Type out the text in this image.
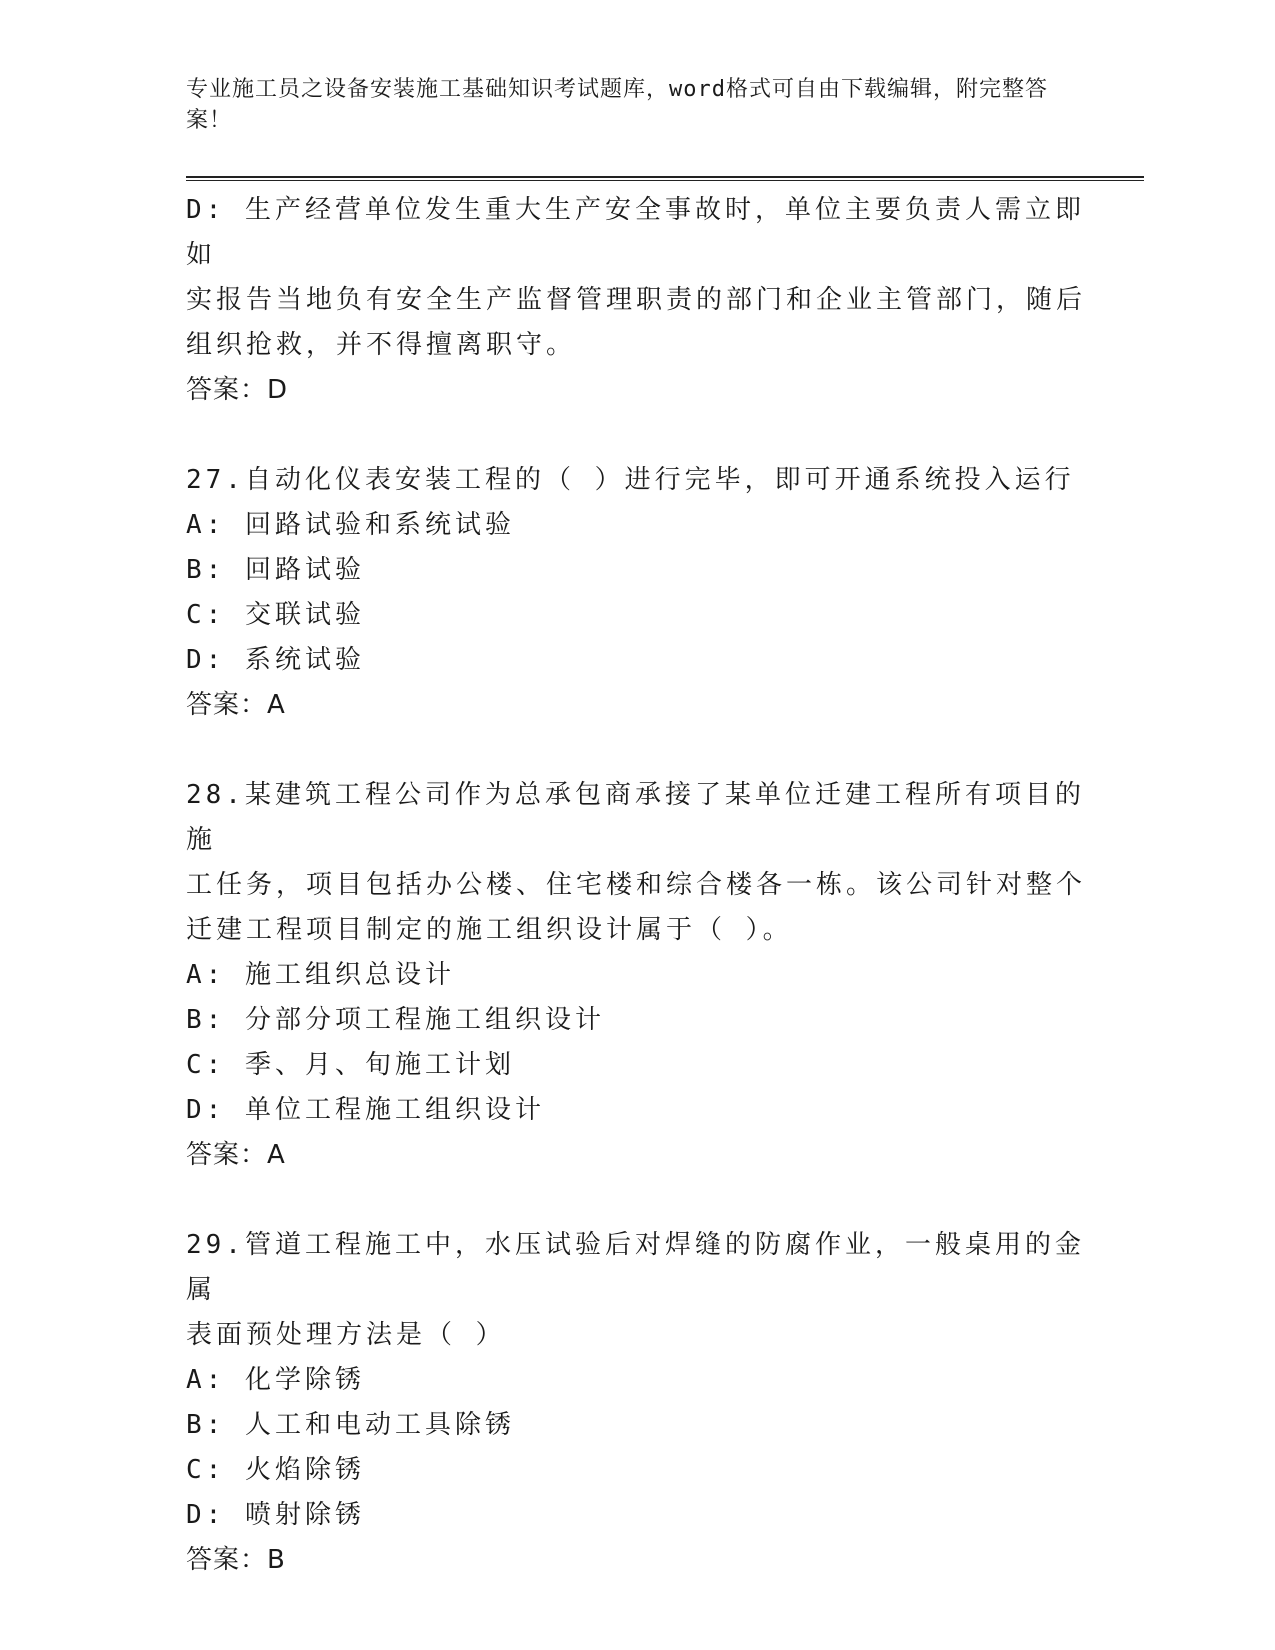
专业施工员之设备安装施工基础知识考试题库，word格式可自由下载编辑，附完整答案！
D: 生产经营单位发生重大生产安全事故时，单位主要负责人需立即如
实报告当地负有安全生产监督管理职责的部门和企业主管部门，随后
组织抢救，并不得擅离职守。
答案：D
27.自动化仪表安装工程的（ ）进行完毕，即可开通系统投入运行
A: 回路试验和系统试验
B: 回路试验
C: 交联试验
D: 系统试验
答案：A
28.某建筑工程公司作为总承包商承接了某单位迁建工程所有项目的施
工任务，项目包括办公楼、住宅楼和综合楼各一栋。该公司针对整个
迁建工程项目制定的施工组织设计属于（ ）。
A: 施工组织总设计
B: 分部分项工程施工组织设计
C: 季、月、旬施工计划
D: 单位工程施工组织设计
答案：A
29.管道工程施工中，水压试验后对焊缝的防腐作业，一般桌用的金属
表面预处理方法是（ ）
A: 化学除锈
B: 人工和电动工具除锈
C: 火焰除锈
D: 喷射除锈
答案：B
